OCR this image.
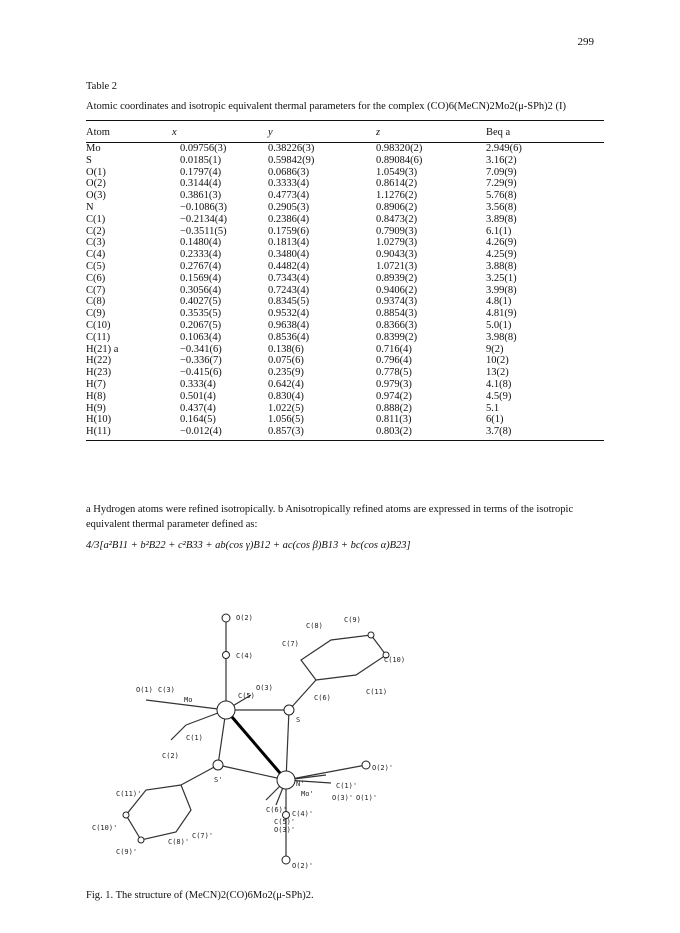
299

Table 2

Atomic coordinates and isotropic equivalent thermal parameters for the complex (CO)6(MeCN)2Mo2(μ-SPh)2 (I)

Atom	x	y	z	Beq a
Mo	0.09756(3)	0.38226(3)	0.98320(2)	2.949(6)
S	0.0185(1)	0.59842(9)	0.89084(6)	3.16(2)
O(1)	0.1797(4)	0.0686(3)	1.0549(3)	7.09(9)
O(2)	0.3144(4)	0.3333(4)	0.8614(2)	7.29(9)
O(3)	0.3861(3)	0.4773(4)	1.1276(2)	5.76(8)
N	−0.1086(3)	0.2905(3)	0.8906(2)	3.56(8)
C(1)	−0.2134(4)	0.2386(4)	0.8473(2)	3.89(8)
C(2)	−0.3511(5)	0.1759(6)	0.7909(3)	6.1(1)
C(3)	0.1480(4)	0.1813(4)	1.0279(3)	4.26(9)
C(4)	0.2333(4)	0.3480(4)	0.9043(3)	4.25(9)
C(5)	0.2767(4)	0.4482(4)	1.0721(3)	3.88(8)
C(6)	0.1569(4)	0.7343(4)	0.8939(2)	3.25(1)
C(7)	0.3056(4)	0.7243(4)	0.9406(2)	3.99(8)
C(8)	0.4027(5)	0.8345(5)	0.9374(3)	4.8(1)
C(9)	0.3535(5)	0.9532(4)	0.8854(3)	4.81(9)
C(10)	0.2067(5)	0.9638(4)	0.8366(3)	5.0(1)
C(11)	0.1063(4)	0.8536(4)	0.8399(2)	3.98(8)
H(21) a	−0.341(6)	0.138(6)	0.716(4)	9(2)
H(22)	−0.336(7)	0.075(6)	0.796(4)	10(2)
H(23)	−0.415(6)	0.235(9)	0.778(5)	13(2)
H(7)	0.333(4)	0.642(4)	0.979(3)	4.1(8)
H(8)	0.501(4)	0.830(4)	0.974(2)	4.5(9)
H(9)	0.437(4)	1.022(5)	0.888(2)	5.1
H(10)	0.164(5)	1.056(5)	0.811(3)	6(1)
H(11)	−0.012(4)	0.857(3)	0.803(2)	3.7(8)

a Hydrogen atoms were refined isotropically. b Anisotropically refined atoms are expressed in terms of the isotropic equivalent thermal parameter defined as:

4/3[a²B11 + b²B22 + c²B33 + ab(cos γ)B12 + ac(cos β)B13 + bc(cos α)B23]

O(2)
C(4)
C(8)
C(9)
C(7)
C(10)
O(3)	C(11)
O(1) C(3)
Mo	C(5)	C(6)
S
C(1)
C(2)
O(2)'
C(1)'
S'	N'
C(11)'
C(6)'
C(5)'
Mo'	O(3)' O(1)'
C(10)'
C(7)'
O(3)'
C(8)'
C(9)'
C(4)'
O(2)'
Fig. 1. The structure of (MeCN)2(CO)6Mo2(μ-SPh)2.
